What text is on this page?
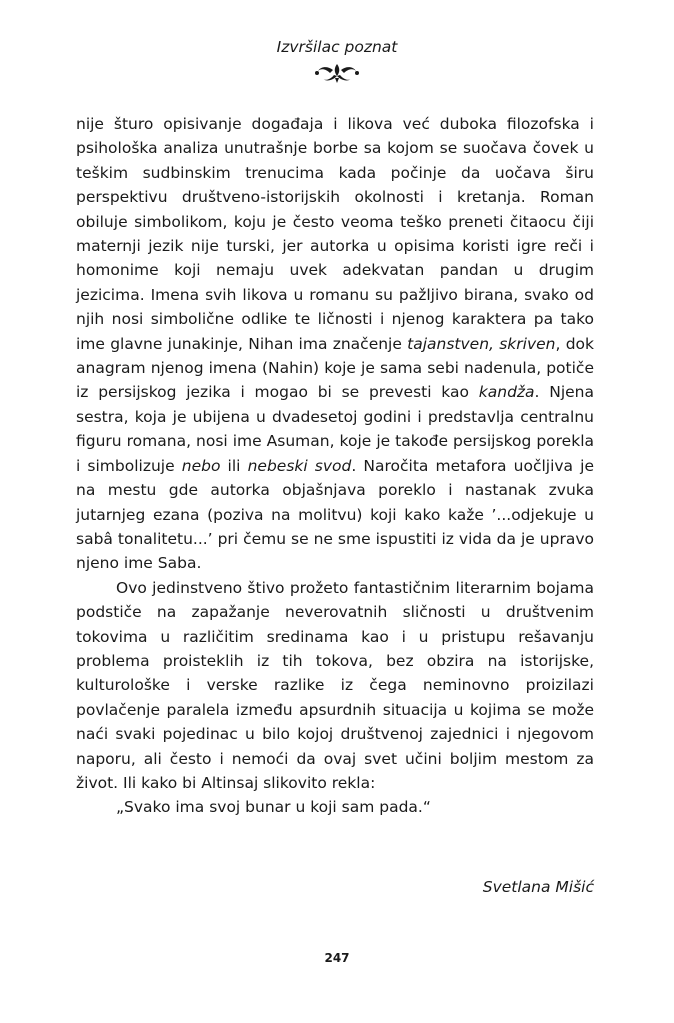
Izvršilac poznat

nije šturo opisivanje događaja i likova već duboka filozofska i psihološka analiza unutrašnje borbe sa kojom se suočava čovek u teškim sudbinskim trenucima kada počinje da uočava širu perspektivu društveno-istorijskih okolnosti i kretanja. Roman obiluje simbolikom, koju je često veoma teško preneti čitaocu čiji maternji jezik nije turski, jer autorka u opisima koristi igre reči i homonime koji nemaju uvek adekvatan pandan u drugim jezicima. Imena svih likova u romanu su pažljivo birana, svako od njih nosi simbolične odlike te ličnosti i njenog karaktera pa tako ime glavne junakinje, Nihan ima značenje tajanstven, skriven, dok anagram njenog imena (Nahin) koje je sama sebi nadenula, potiče iz persijskog jezika i mogao bi se prevesti kao kandža. Njena sestra, koja je ubijena u dvadesetoj godini i predstavlja centralnu figuru romana, nosi ime Asuman, koje je takođe persijskog porekla i simbolizuje nebo ili nebeski svod. Naročita metafora uočljiva je na mestu gde autorka objašnjava poreklo i nastanak zvuka jutarnjeg ezana (poziva na molitvu) koji kako kaže ’...odjekuje u sabâ tonalitetu...’ pri čemu se ne sme ispustiti iz vida da je upravo njeno ime Saba.

Ovo jedinstveno štivo prožeto fantastičnim literarnim bojama podstiče na zapažanje neverovatnih sličnosti u društvenim tokovima u različitim sredinama kao i u pristupu rešavanju problema proisteklih iz tih tokova, bez obzira na istorijske, kulturološke i verske razlike iz čega neminovno proizilazi povlačenje paralela između apsurdnih situacija u kojima se može naći svaki pojedinac u bilo kojoj društvenoj zajednici i njegovom naporu, ali često i nemoći da ovaj svet učini boljim mestom za život. Ili kako bi Altinsaj slikovito rekla:

„Svako ima svoj bunar u koji sam pada.“

Svetlana Mišić
247
